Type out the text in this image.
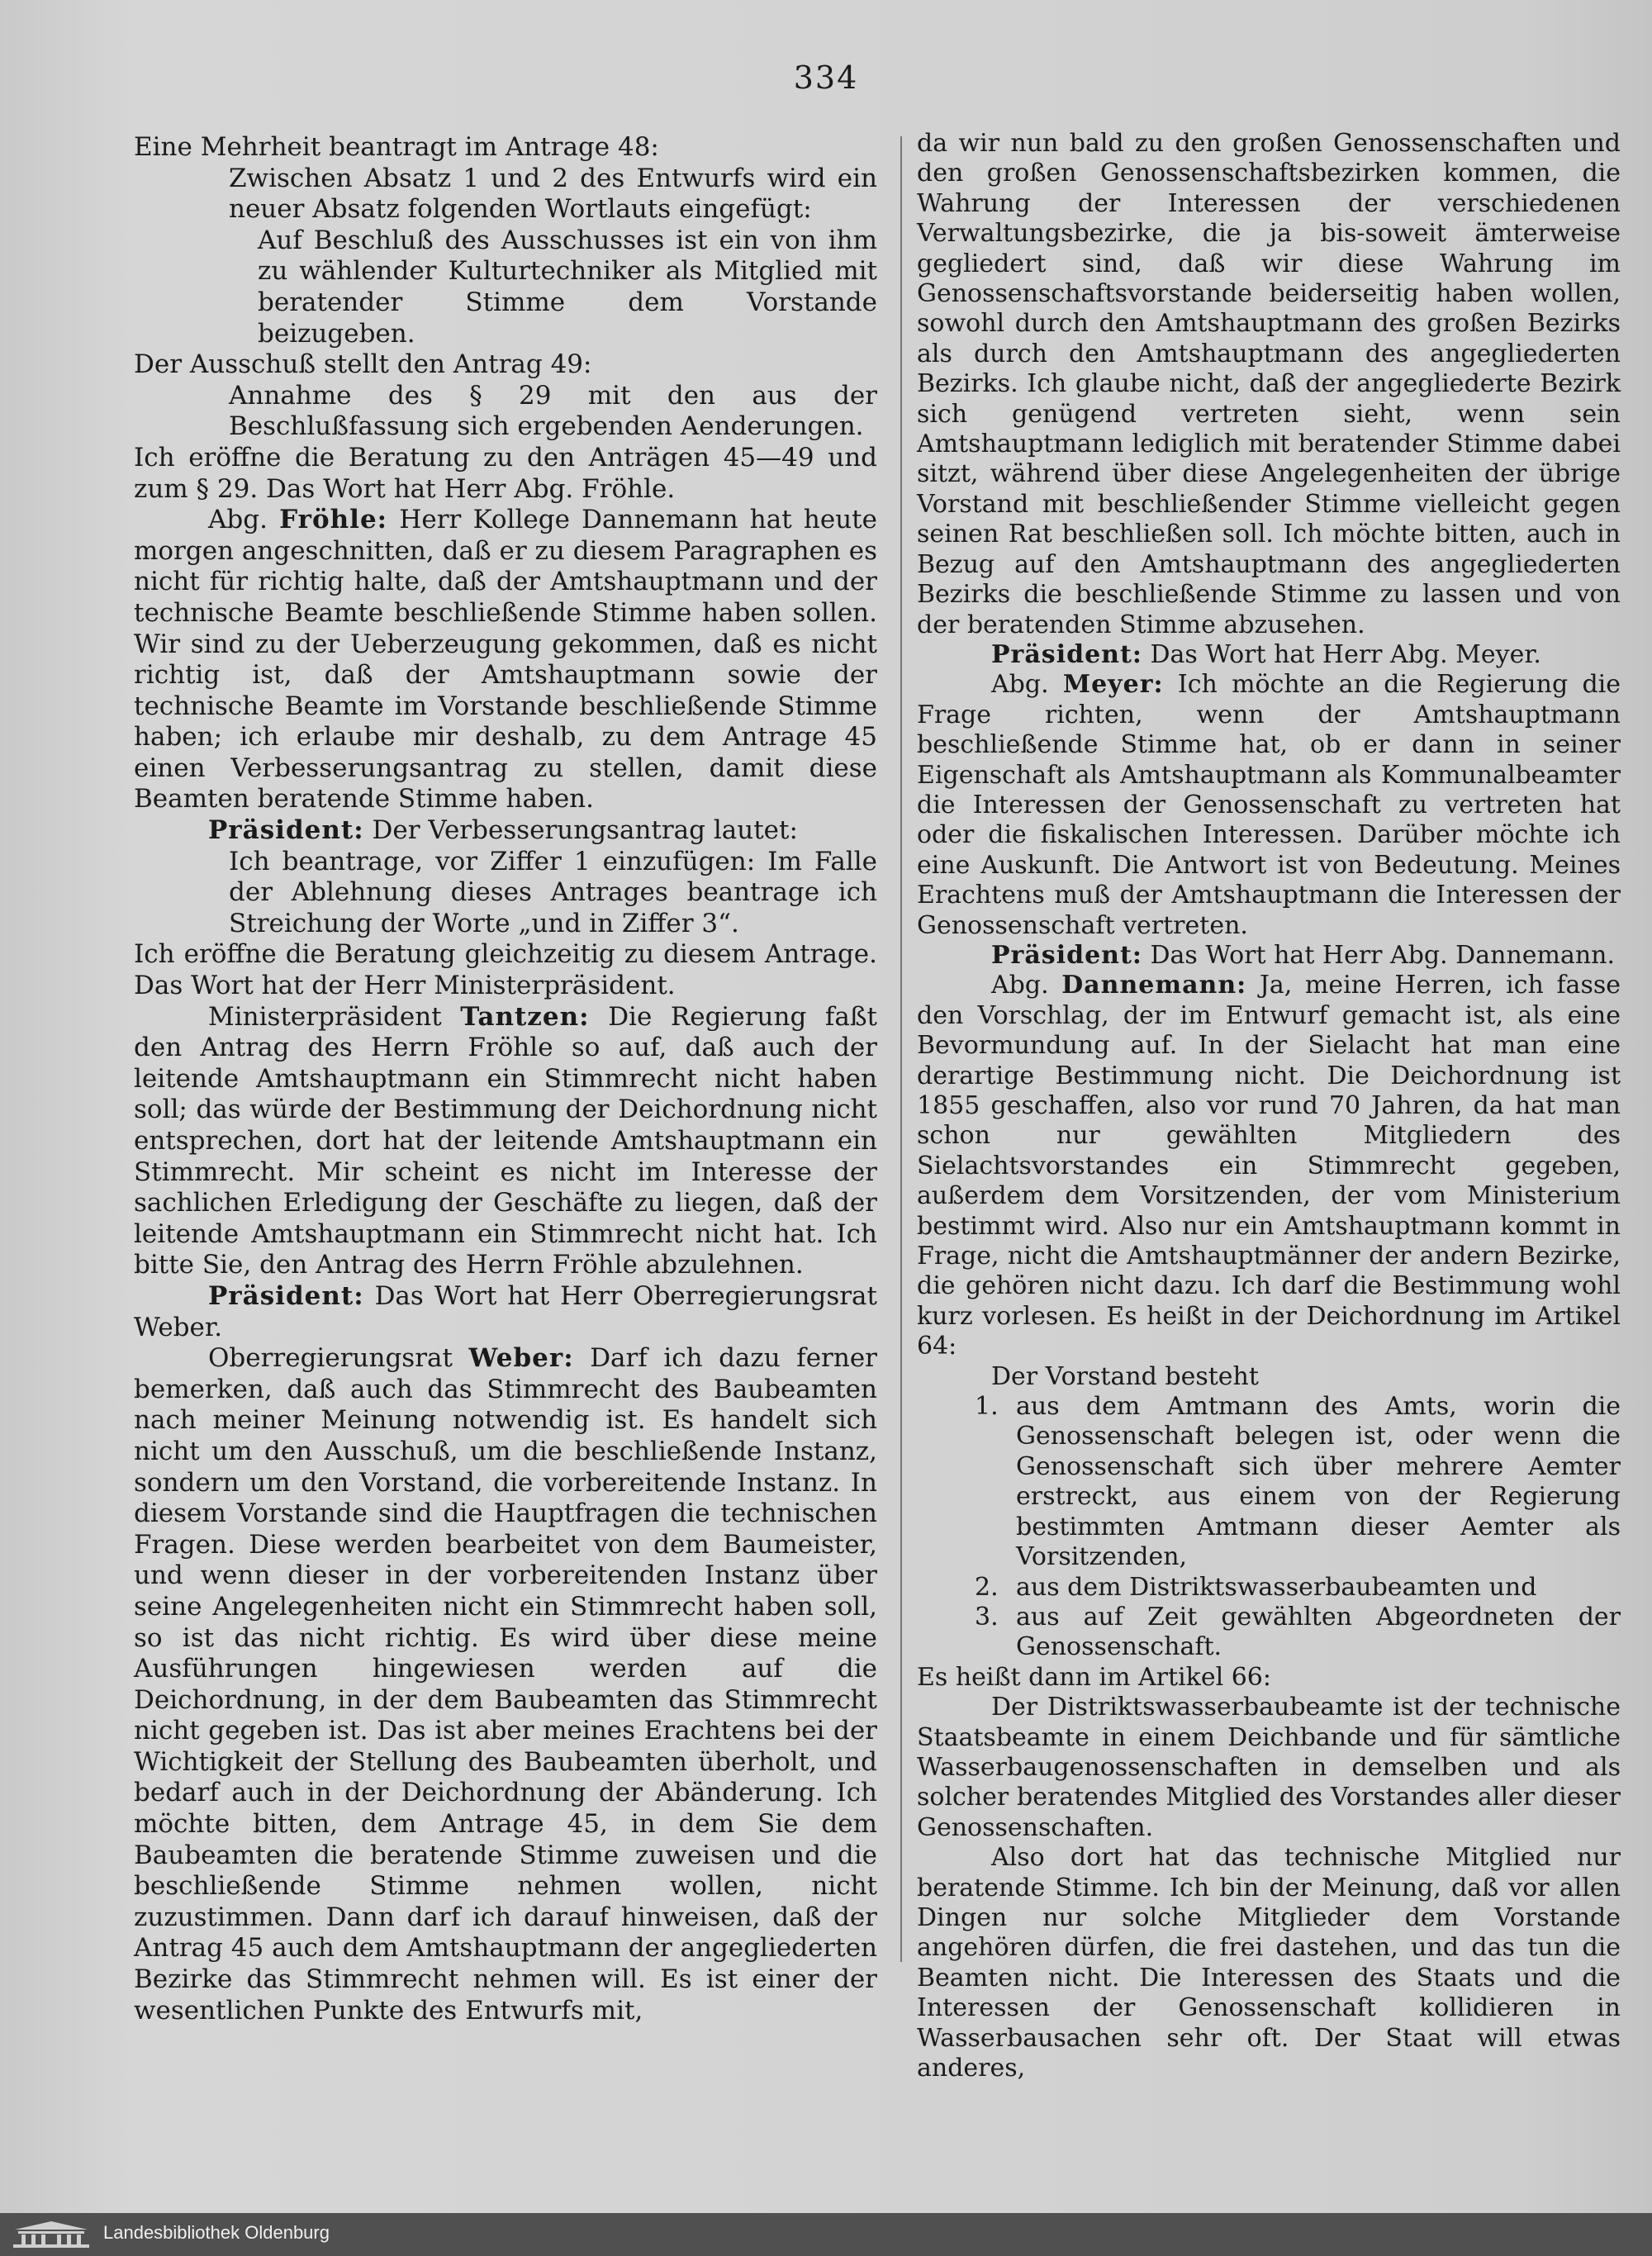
334

Eine Mehrheit beantragt im Antrage 48:

Zwischen Absatz 1 und 2 des Entwurfs wird ein neuer Absatz folgenden Wortlauts eingefügt:

Auf Beschluß des Ausschusses ist ein von ihm zu wählender Kulturtechniker als Mitglied mit beratender Stimme dem Vorstande beizugeben.

Der Ausschuß stellt den Antrag 49:

Annahme des § 29 mit den aus der Beschlußfassung sich ergebenden Aenderungen.

Ich eröffne die Beratung zu den Anträgen 45—49 und zum § 29. Das Wort hat Herr Abg. Fröhle.

Abg. Fröhle: Herr Kollege Dannemann hat heute morgen angeschnitten, daß er zu diesem Paragraphen es nicht für richtig halte, daß der Amtshauptmann und der technische Beamte beschließende Stimme haben sollen. Wir sind zu der Ueberzeugung gekommen, daß es nicht richtig ist, daß der Amtshauptmann sowie der technische Beamte im Vorstande beschließende Stimme haben; ich erlaube mir deshalb, zu dem Antrage 45 einen Verbesserungsantrag zu stellen, damit diese Beamten beratende Stimme haben.

Präsident: Der Verbesserungsantrag lautet:

Ich beantrage, vor Ziffer 1 einzufügen: Im Falle der Ablehnung dieses Antrages beantrage ich Streichung der Worte „und in Ziffer 3“.

Ich eröffne die Beratung gleichzeitig zu diesem Antrage. Das Wort hat der Herr Ministerpräsident.

Ministerpräsident Tantzen: Die Regierung faßt den Antrag des Herrn Fröhle so auf, daß auch der leitende Amtshauptmann ein Stimmrecht nicht haben soll; das würde der Bestimmung der Deichordnung nicht entsprechen, dort hat der leitende Amtshauptmann ein Stimmrecht. Mir scheint es nicht im Interesse der sachlichen Erledigung der Geschäfte zu liegen, daß der leitende Amtshauptmann ein Stimmrecht nicht hat. Ich bitte Sie, den Antrag des Herrn Fröhle abzulehnen.

Präsident: Das Wort hat Herr Oberregierungsrat Weber.

Oberregierungsrat Weber: Darf ich dazu ferner bemerken, daß auch das Stimmrecht des Baubeamten nach meiner Meinung notwendig ist. Es handelt sich nicht um den Ausschuß, um die beschließende Instanz, sondern um den Vorstand, die vorbereitende Instanz. In diesem Vorstande sind die Hauptfragen die technischen Fragen. Diese werden bearbeitet von dem Baumeister, und wenn dieser in der vorbereitenden Instanz über seine Angelegenheiten nicht ein Stimmrecht haben soll, so ist das nicht richtig. Es wird über diese meine Ausführungen hingewiesen werden auf die Deichordnung, in der dem Baubeamten das Stimmrecht nicht gegeben ist. Das ist aber meines Erachtens bei der Wichtigkeit der Stellung des Baubeamten überholt, und bedarf auch in der Deichordnung der Abänderung. Ich möchte bitten, dem Antrage 45, in dem Sie dem Baubeamten die beratende Stimme zuweisen und die beschließende Stimme nehmen wollen, nicht zuzustimmen. Dann darf ich darauf hinweisen, daß der Antrag 45 auch dem Amtshauptmann der angegliederten Bezirke das Stimmrecht nehmen will. Es ist einer der wesentlichen Punkte des Entwurfs mit,

da wir nun bald zu den großen Genossenschaften und den großen Genossenschaftsbezirken kommen, die Wahrung der Interessen der verschiedenen Verwaltungsbezirke, die ja bis-soweit ämterweise gegliedert sind, daß wir diese Wahrung im Genossenschaftsvorstande beiderseitig haben wollen, sowohl durch den Amtshauptmann des großen Bezirks als durch den Amtshauptmann des angegliederten Bezirks. Ich glaube nicht, daß der angegliederte Bezirk sich genügend vertreten sieht, wenn sein Amtshauptmann lediglich mit beratender Stimme dabei sitzt, während über diese Angelegenheiten der übrige Vorstand mit beschließender Stimme vielleicht gegen seinen Rat beschließen soll. Ich möchte bitten, auch in Bezug auf den Amtshauptmann des angegliederten Bezirks die beschließende Stimme zu lassen und von der beratenden Stimme abzusehen.

Präsident: Das Wort hat Herr Abg. Meyer.

Abg. Meyer: Ich möchte an die Regierung die Frage richten, wenn der Amtshauptmann beschließende Stimme hat, ob er dann in seiner Eigenschaft als Amtshauptmann als Kommunalbeamter die Interessen der Genossenschaft zu vertreten hat oder die fiskalischen Interessen. Darüber möchte ich eine Auskunft. Die Antwort ist von Bedeutung. Meines Erachtens muß der Amtshauptmann die Interessen der Genossenschaft vertreten.

Präsident: Das Wort hat Herr Abg. Dannemann.

Abg. Dannemann: Ja, meine Herren, ich fasse den Vorschlag, der im Entwurf gemacht ist, als eine Bevormundung auf. In der Sielacht hat man eine derartige Bestimmung nicht. Die Deichordnung ist 1855 geschaffen, also vor rund 70 Jahren, da hat man schon nur gewählten Mitgliedern des Sielachtsvorstandes ein Stimmrecht gegeben, außerdem dem Vorsitzenden, der vom Ministerium bestimmt wird. Also nur ein Amtshauptmann kommt in Frage, nicht die Amtshauptmänner der andern Bezirke, die gehören nicht dazu. Ich darf die Bestimmung wohl kurz vorlesen. Es heißt in der Deichordnung im Artikel 64:

Der Vorstand besteht

1. aus dem Amtmann des Amts, worin die Genossenschaft belegen ist, oder wenn die Genossenschaft sich über mehrere Aemter erstreckt, aus einem von der Regierung bestimmten Amtmann dieser Aemter als Vorsitzenden,
2. aus dem Distriktswasserbaubeamten und
3. aus auf Zeit gewählten Abgeordneten der Genossenschaft.

Es heißt dann im Artikel 66:

Der Distriktswasserbaubeamte ist der technische Staatsbeamte in einem Deichbande und für sämtliche Wasserbaugenossenschaften in demselben und als solcher beratendes Mitglied des Vorstandes aller dieser Genossenschaften.

Also dort hat das technische Mitglied nur beratende Stimme. Ich bin der Meinung, daß vor allen Dingen nur solche Mitglieder dem Vorstande angehören dürfen, die frei dastehen, und das tun die Beamten nicht. Die Interessen des Staats und die Interessen der Genossenschaft kollidieren in Wasserbausachen sehr oft. Der Staat will etwas anderes,

Landesbibliothek Oldenburg
